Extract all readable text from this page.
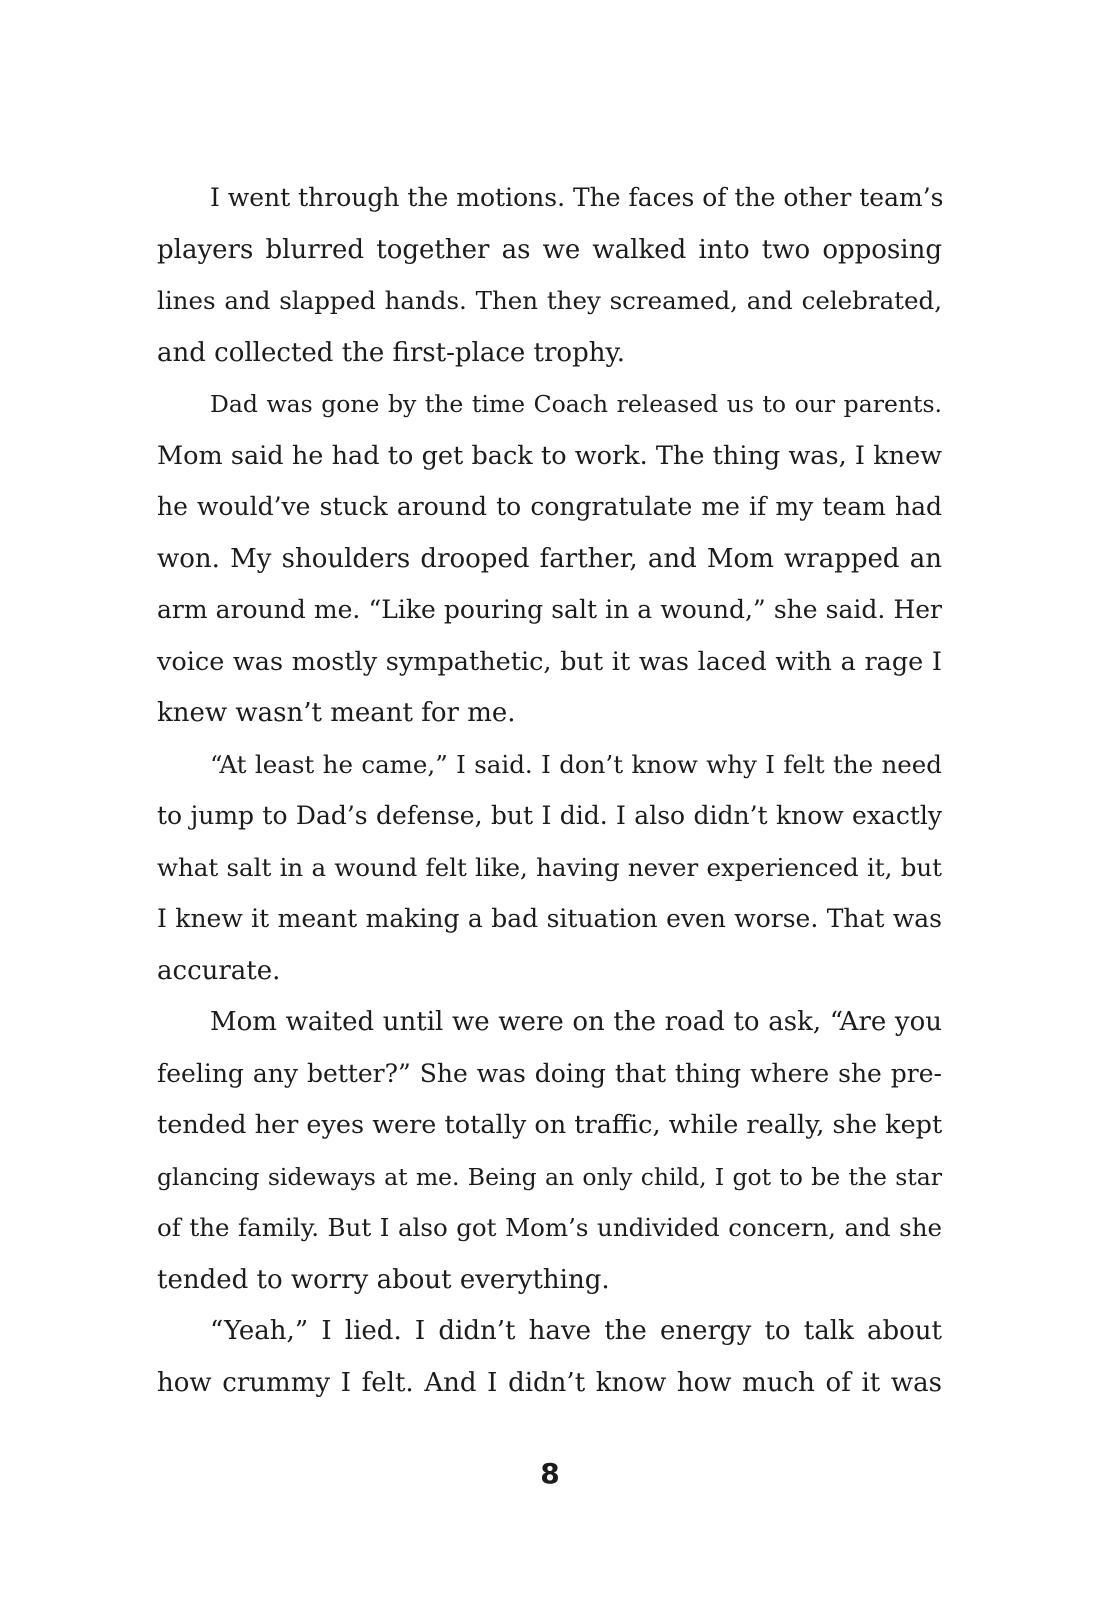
I went through the motions. The faces of the other team’s
players blurred together as we walked into two opposing
lines and slapped hands. Then they screamed, and celebrated,
and collected the first-place trophy.
Dad was gone by the time Coach released us to our parents.
Mom said he had to get back to work. The thing was, I knew
he would’ve stuck around to congratulate me if my team had
won. My shoulders drooped farther, and Mom wrapped an
arm around me. “Like pouring salt in a wound,” she said. Her
voice was mostly sympathetic, but it was laced with a rage I
knew wasn’t meant for me.
“At least he came,” I said. I don’t know why I felt the need
to jump to Dad’s defense, but I did. I also didn’t know exactly
what salt in a wound felt like, having never experienced it, but
I knew it meant making a bad situation even worse. That was
accurate.
Mom waited until we were on the road to ask, “Are you
feeling any better?” She was doing that thing where she pre-
tended her eyes were totally on traffic, while really, she kept
glancing sideways at me. Being an only child, I got to be the star
of the family. But I also got Mom’s undivided concern, and she
tended to worry about everything.
“Yeah,” I lied. I didn’t have the energy to talk about
how crummy I felt. And I didn’t know how much of it was
8
